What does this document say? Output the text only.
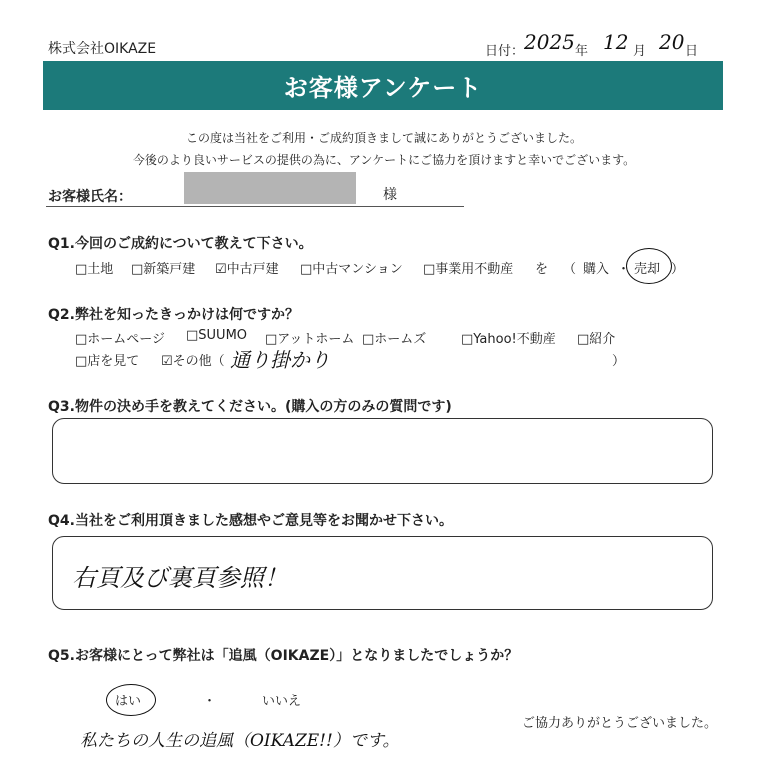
株式会社OIKAZE	日付： 2025 年 12 月 20 日
お客様アンケート
この度は当社をご利用・ご成約頂きまして誠にありがとうございました。
今後のより良いサービスの提供の為に、アンケートにご協力を頂けますと幸いでございます。
お客様氏名：	様
Q1.今回のご成約について教えて下さい。
□土地 □新築戸建 ☑中古戸建 □中古マンション □事業用不動産 を （ 購入 ・ 売却 ）
Q2.弊社を知ったきっかけは何ですか？
□ホームページ □SUUMO □アットホーム □ホームズ	□Yahoo!不動産 □紹介
□店を見て ☑その他（ 通り掛かり	）
Q3.物件の決め手を教えてください。(購入の方のみの質問です)
Q4.当社をご利用頂きました感想やご意見等をお聞かせ下さい。
右頁及び裏頁参照！
Q5.お客様にとって弊社は「追風（OIKAZE）」となりましたでしょうか？
はい	・	いいえ
私たちの人生の追風（OIKAZE!!）です。
ご協力ありがとうございました。
